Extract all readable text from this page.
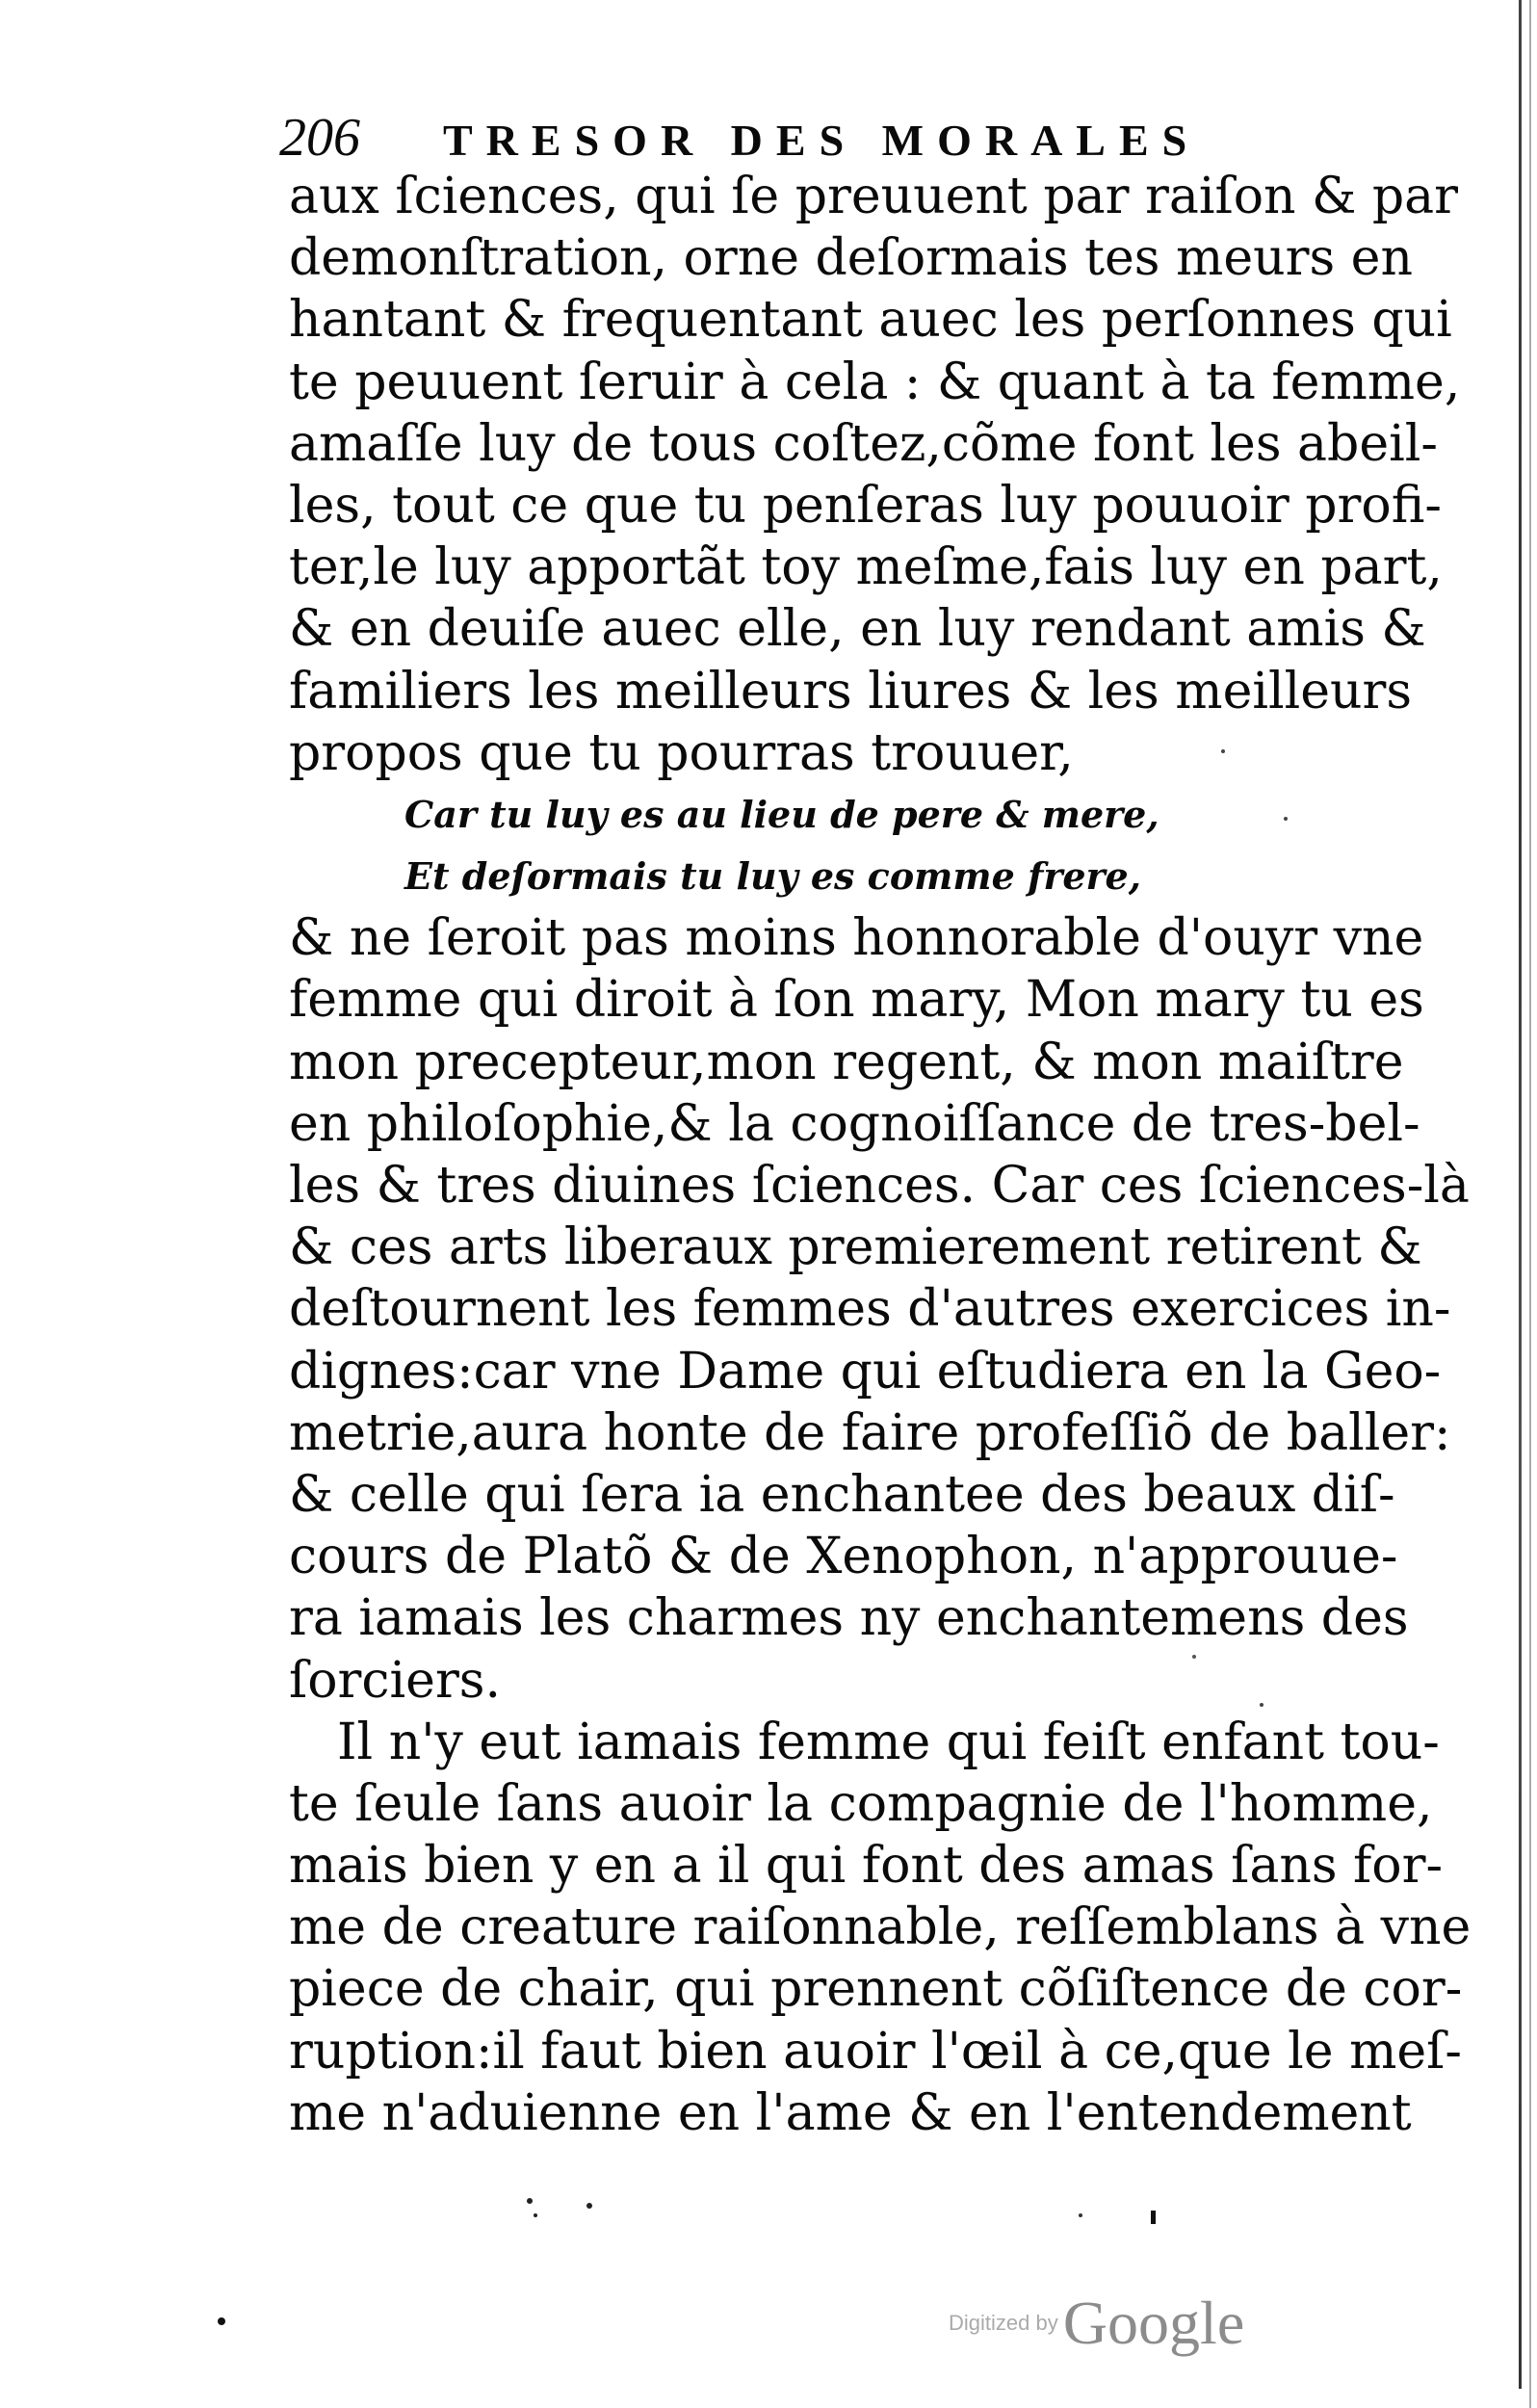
206 TRESOR DES MORALES
aux ſciences, qui ſe preuuent par raiſon & par
demonſtration, orne deſormais tes meurs en
hantant & frequentant auec les perſonnes qui
te peuuent ſeruir à cela : & quant à ta femme,
amaſſe luy de tous coſtez,cõme font les abeil-
les, tout ce que tu penſeras luy pouuoir profi-
ter,le luy apportãt toy meſme,fais luy en part,
& en deuiſe auec elle, en luy rendant amis &
familiers les meilleurs liures & les meilleurs
propos que tu pourras trouuer,
Car tu luy es au lieu de pere & mere,
Et deſormais tu luy es comme frere,
& ne ſeroit pas moins honnorable d'ouyr vne
femme qui diroit à ſon mary, Mon mary tu es
mon precepteur,mon regent, & mon maiſtre
en philoſophie,& la cognoiſſance de tres-bel-
les & tres diuines ſciences. Car ces ſciences-là
& ces arts liberaux premierement retirent &
deſtournent les femmes d'autres exercices in-
dignes:car vne Dame qui eſtudiera en la Geo-
metrie,aura honte de faire profeſſiõ de baller:
& celle qui ſera ia enchantee des beaux diſ-
cours de Platõ & de Xenophon, n'approuue-
ra iamais les charmes ny enchantemens des
ſorciers.
Il n'y eut iamais femme qui feiſt enfant tou-
te ſeule ſans auoir la compagnie de l'homme,
mais bien y en a il qui font des amas ſans for-
me de creature raiſonnable, reſſemblans à vne
piece de chair, qui prennent cõſiſtence de cor-
ruption:il faut bien auoir l'œil à ce,que le meſ-
me n'aduienne en l'ame & en l'entendement
Digitized by Google
